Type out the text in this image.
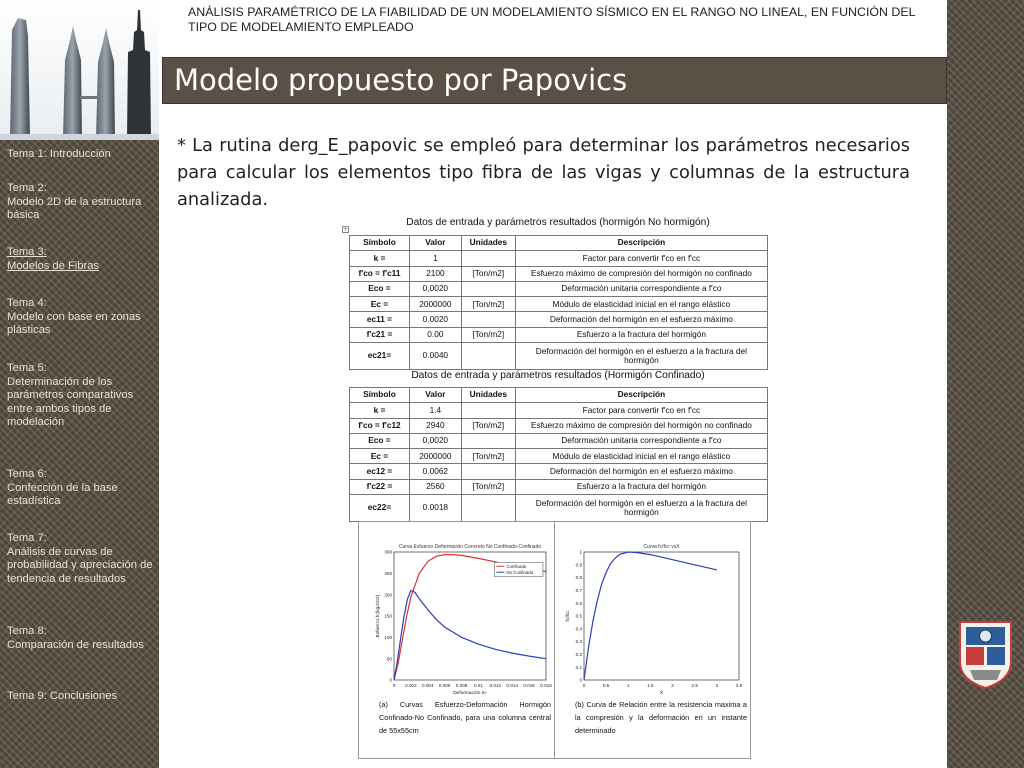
Tema 1: Introducción
Tema 2:
Modelo 2D de la estructura básica
Tema 3:
Modelos de Fibras
Tema 4:
Modelo con base en zonas plásticas
Tema 5:
Determinación de los parámetros comparativos entre ambos tipos de modelación
Tema 6:
Confección de la base estadística
Tema 7:
Análisis de curvas de probabilidad y apreciación de tendencia de resultados
Tema 8:
Comparación de resultados
Tema 9: Conclusiones
ANÁLISIS PARAMÉTRICO DE LA FIABILIDAD DE UN MODELAMIENTO SÍSMICO EN EL RANGO NO LINEAL, EN FUNCIÓN DEL TIPO DE MODELAMIENTO EMPLEADO
Modelo propuesto por Papovics
* La rutina derg_E_papovic se empleó para determinar los parámetros necesarios para calcular los elementos tipo fibra de las vigas y columnas de la estructura analizada.
+
Datos de entrada y parámetros resultados (hormigón No hormigón)
Símbolo	Valor	Unidades	Descripción
k =	1		Factor para convertir f'co en f'cc
f'co = f'c11	2100	[Ton/m2]	Esfuerzo máximo de compresión del hormigón no confinado
Eco =	0,0020		Deformación unitaria correspondiente a f'co
Ec =	2000000	[Ton/m2]	Módulo de elasticidad inicial en el rango elástico
ec11 =	0.0020		Deformación del hormigón en el esfuerzo máximo
f'c21 =	0.00	[Ton/m2]	Esfuerzo a la fractura del hormigón
ec21=	0.0040		Deformación del hormigón en el esfuerzo a la fractura del hormigón
Datos de entrada y parámetros resultados (Hormigón Confinado)
Símbolo	Valor	Unidades	Descripción
k =	1.4		Factor para convertir f'co en f'cc
f'co = f'c12	2940	[Ton/m2]	Esfuerzo máximo de compresión del hormigón no confinado
Eco =	0,0020		Deformación unitaria correspondiente a f'co
Ec =	2000000	[Ton/m2]	Módulo de elasticidad inicial en el rango elástico
ec12 =	0.0062		Deformación del hormigón en el esfuerzo máximo
f'c22 =	2560	[Ton/m2]	Esfuerzo a la fractura del hormigón
ec22=	0.0018		Deformación del hormigón en el esfuerzo a la fractura del hormigón
Curva Esfuerzo Deformación Concreto No Confinado-Confinado
0 0.002 0.004 0.006 0.008 0.01 0.012 0.014 0.016 0.018
0
50
100
150
200
250
300
Deformación ec
Esfuerzo fc(kg/cm2)
Confinado
No Confinado
Curva fc/fcc vsX
0	0.5	1	1.5	2	2.5	3	3.5
0
0.1
0.2
0.3
0.4
0.5
0.6
0.7
0.8
0.9
1
X
fc/fcc
(a) Curvas Esfuerzo-Deformación Hormigón Confinado-No Confinado, para una columna central de 55x55cm
(b) Curva de Relación entre la resistencia maxima a la compresión y la deformación en un instante determinado
